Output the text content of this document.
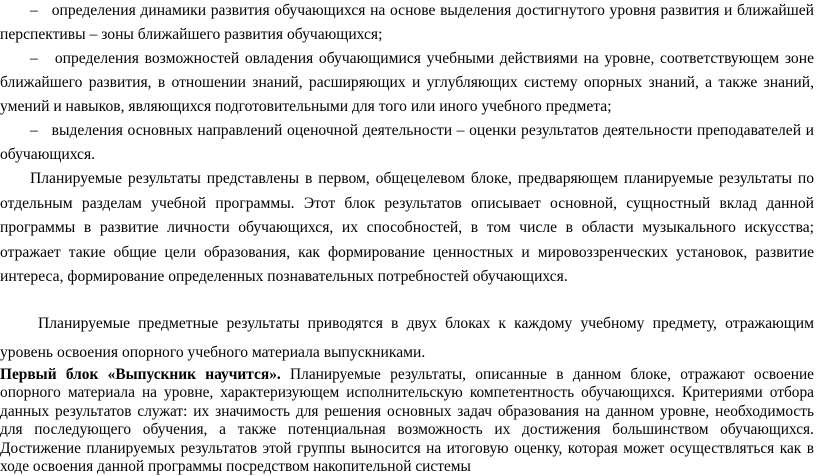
–   определения динамики развития обучающихся на основе выделения достигнутого уровня развития и ближайшей перспективы – зоны ближайшего развития обучающихся;

–   определения возможностей овладения обучающимися учебными действиями на уровне, соответствующем зоне ближайшего развития, в отношении знаний, расширяющих и углубляющих систему опорных знаний, а также знаний, умений и навыков, являющихся подготовительными для того или иного учебного предмета;

–   выделения основных направлений оценочной деятельности – оценки результатов деятельности преподавателей и обучающихся.

Планируемые результаты представлены в первом, общецелевом блоке, предваряющем планируемые результаты по отдельным разделам учебной программы. Этот блок результатов описывает основной, сущностный вклад данной программы в развитие личности обучающихся, их способностей, в том числе в области музыкального искусства; отражает такие общие цели образования, как формирование ценностных и мировоззренческих установок, развитие интереса, формирование определенных познавательных потребностей обучающихся.

Планируемые предметные результаты приводятся в двух блоках к каждому учебному предмету, отражающим уровень освоения опорного учебного материала выпускниками.

Первый блок «Выпускник научится». Планируемые результаты, описанные в данном блоке, отражают освоение опорного материала на уровне, характеризующем исполнительскую компетентность обучающихся. Критериями отбора данных результатов служат: их значимость для решения основных задач образования на данном уровне, необходимость для последующего обучения, а также потенциальная возможность их достижения большинством обучающихся. Достижение планируемых результатов этой группы выносится на итоговую оценку, которая может осуществляться как в ходе освоения данной программы посредством накопительной системы
